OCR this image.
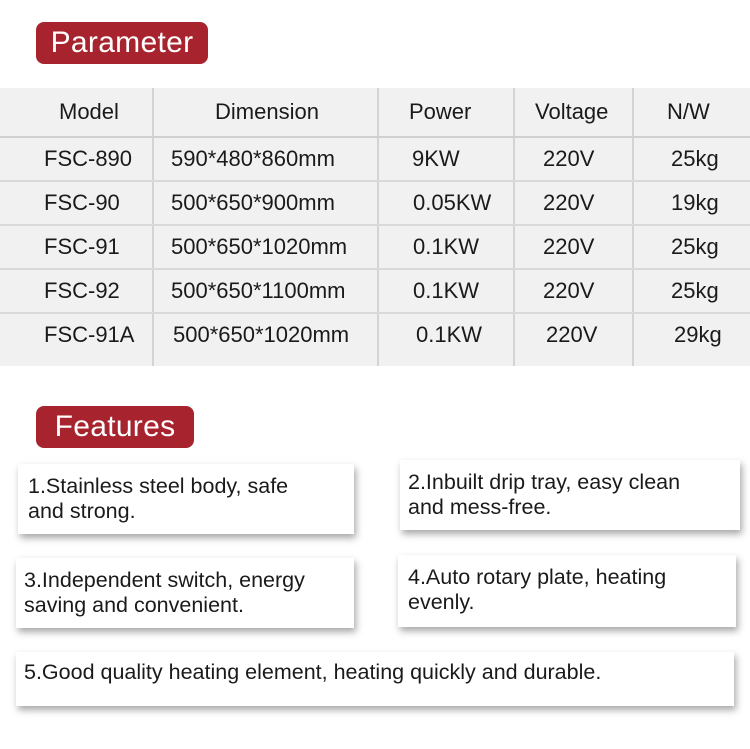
Parameter
Model	Dimension	Power	Voltage	N/W
FSC-890 590*480*860mm	9KW	220V	25kg
FSC-90 500*650*900mm	0.05KW 220V	19kg
FSC-91 500*650*1020mm	0.1KW	220V	25kg
FSC-92 500*650*1100mm	0.1KW	220V	25kg
FSC-91A 500*650*1020mm	0.1KW	220V	29kg
Features
1.Stainless steel body, safe
and strong.
2.Inbuilt drip tray, easy clean
and mess-free.
3.Independent switch, energy
saving and convenient.
4.Auto rotary plate, heating
evenly.
5.Good quality heating element, heating quickly and durable.
